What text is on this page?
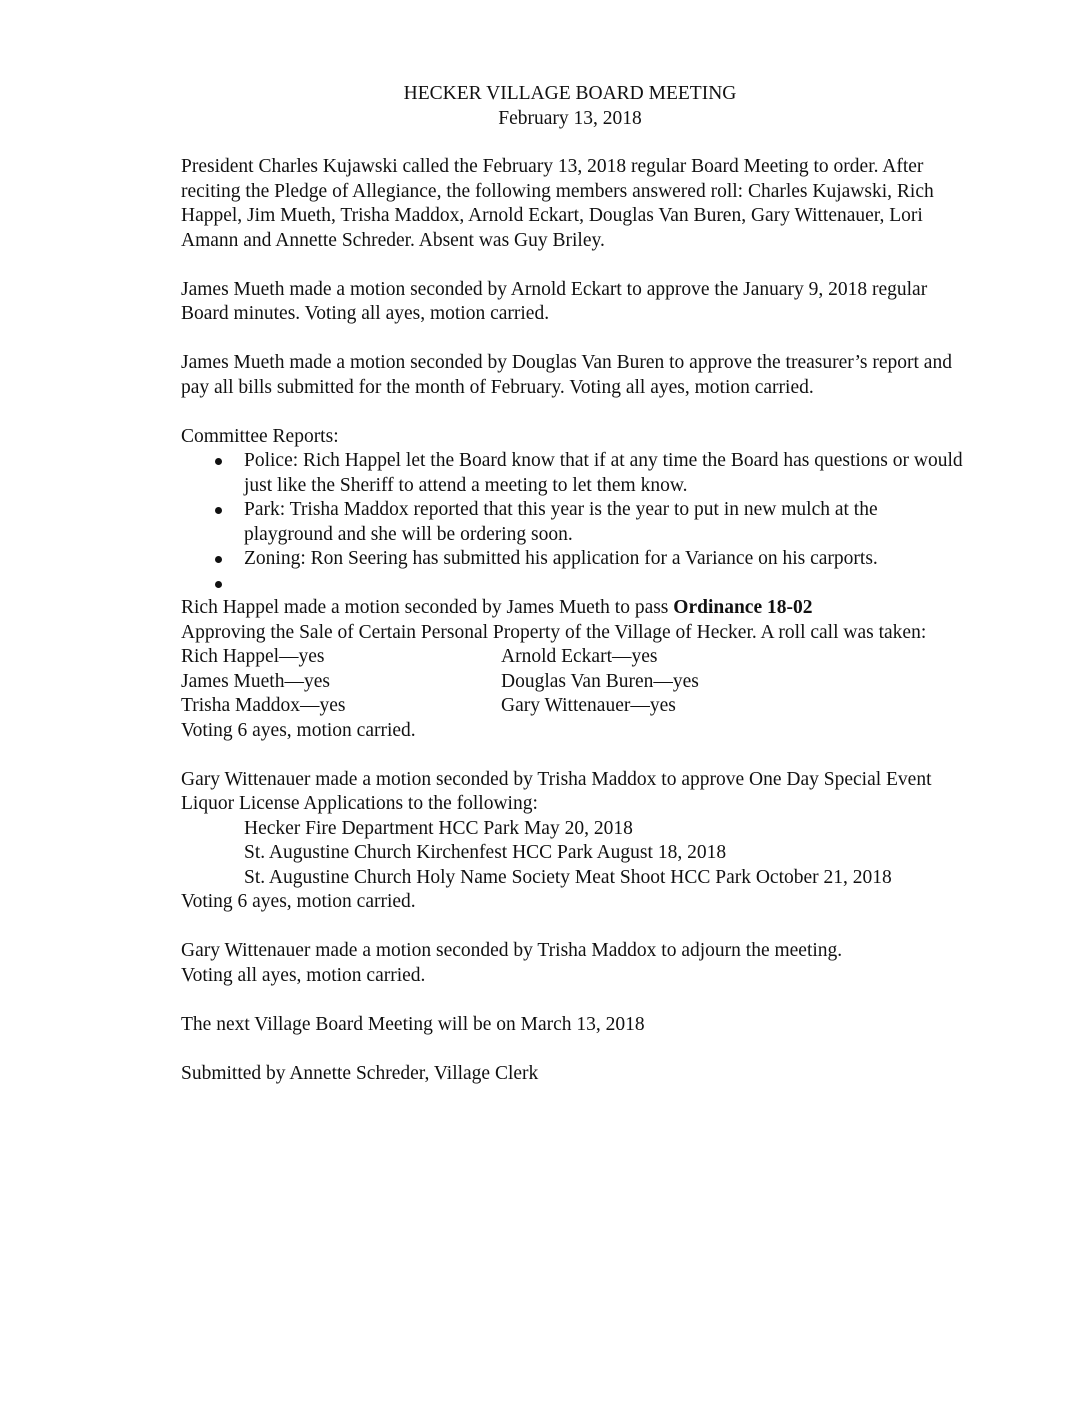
HECKER VILLAGE BOARD MEETING
February 13, 2018

President Charles Kujawski called the February 13, 2018 regular Board Meeting to order. After reciting the Pledge of Allegiance, the following members answered roll: Charles Kujawski, Rich Happel, Jim Mueth, Trisha Maddox, Arnold Eckart, Douglas Van Buren, Gary Wittenauer, Lori Amann and Annette Schreder. Absent was Guy Briley.

James Mueth made a motion seconded by Arnold Eckart to approve the January 9, 2018 regular Board minutes. Voting all ayes, motion carried.

James Mueth made a motion seconded by Douglas Van Buren to approve the treasurer’s report and pay all bills submitted for the month of February. Voting all ayes, motion carried.

Committee Reports:
Police: Rich Happel let the Board know that if at any time the Board has questions or would just like the Sheriff to attend a meeting to let them know.
Park: Trisha Maddox reported that this year is the year to put in new mulch at the playground and she will be ordering soon.
Zoning: Ron Seering has submitted his application for a Variance on his carports.
Rich Happel made a motion seconded by James Mueth to pass Ordinance 18-02
Approving the Sale of Certain Personal Property of the Village of Hecker. A roll call was taken:
Rich Happel—yes	Arnold Eckart—yes
James Mueth—yes	Douglas Van Buren—yes
Trisha Maddox—yes	Gary Wittenauer—yes
Voting 6 ayes, motion carried.
Gary Wittenauer made a motion seconded by Trisha Maddox to approve One Day Special Event Liquor License Applications to the following:
Hecker Fire Department HCC Park May 20, 2018
St. Augustine Church Kirchenfest HCC Park August 18, 2018
St. Augustine Church Holy Name Society Meat Shoot HCC Park October 21, 2018
Voting 6 ayes, motion carried.
Gary Wittenauer made a motion seconded by Trisha Maddox to adjourn the meeting.
Voting all ayes, motion carried.

The next Village Board Meeting will be on March 13, 2018

Submitted by Annette Schreder, Village Clerk
